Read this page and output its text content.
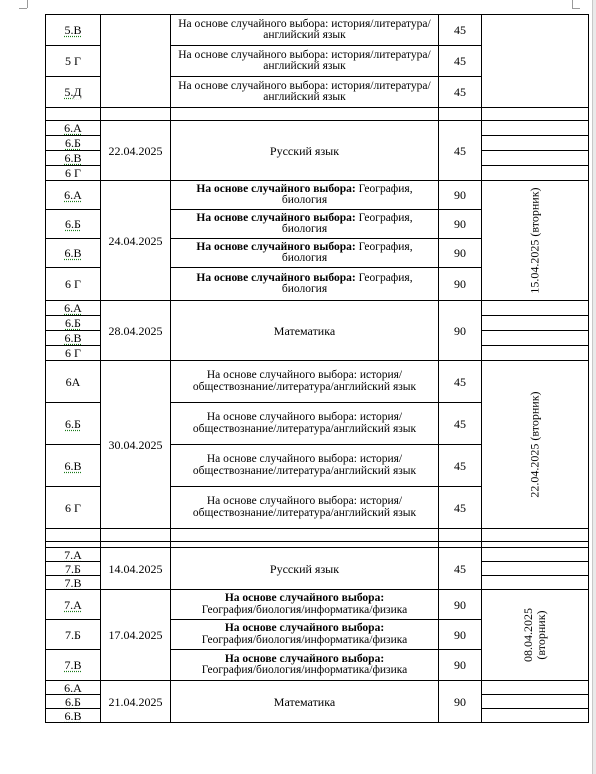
5.В		На основе случайного выбора: история/литература/английский язык	45	
5 Г		На основе случайного выбора: история/литература/английский язык	45	
5.Д		На основе случайного выбора: история/литература/английский язык	45	

6.А	22.04.2025	Русский язык	45	
6.Б				
6.В				
6 Г				
6.А	24.04.2025	На основе случайного выбора: География, биология	90	15.04.2025 (вторник)
6.Б		На основе случайного выбора: География, биология	90	
6.В		На основе случайного выбора: География, биология	90	
6 Г		На основе случайного выбора: География, биология	90	
6.А	28.04.2025	Математика	90	
6.Б				
6.В				
6 Г				
6А	30.04.2025	На основе случайного выбора: история/обществознание/литература/английский язык	45	22.04.2025 (вторник)
6.Б		На основе случайного выбора: история/обществознание/литература/английский язык	45	
6.В		На основе случайного выбора: история/обществознание/литература/английский язык	45	
6 Г		На основе случайного выбора: история/обществознание/литература/английский язык	45	

7.А	14.04.2025	Русский язык	45	
7.Б				
7.В				
7.А	17.04.2025	На основе случайного выбора:
География/биология/информатика/физика	90	08.04.2025 (вторник)
7.Б		На основе случайного выбора:
География/биология/информатика/физика	90	
7.В		На основе случайного выбора:
География/биология/информатика/физика	90	
6.А	21.04.2025	Математика	90	
6.Б				
6.В				
